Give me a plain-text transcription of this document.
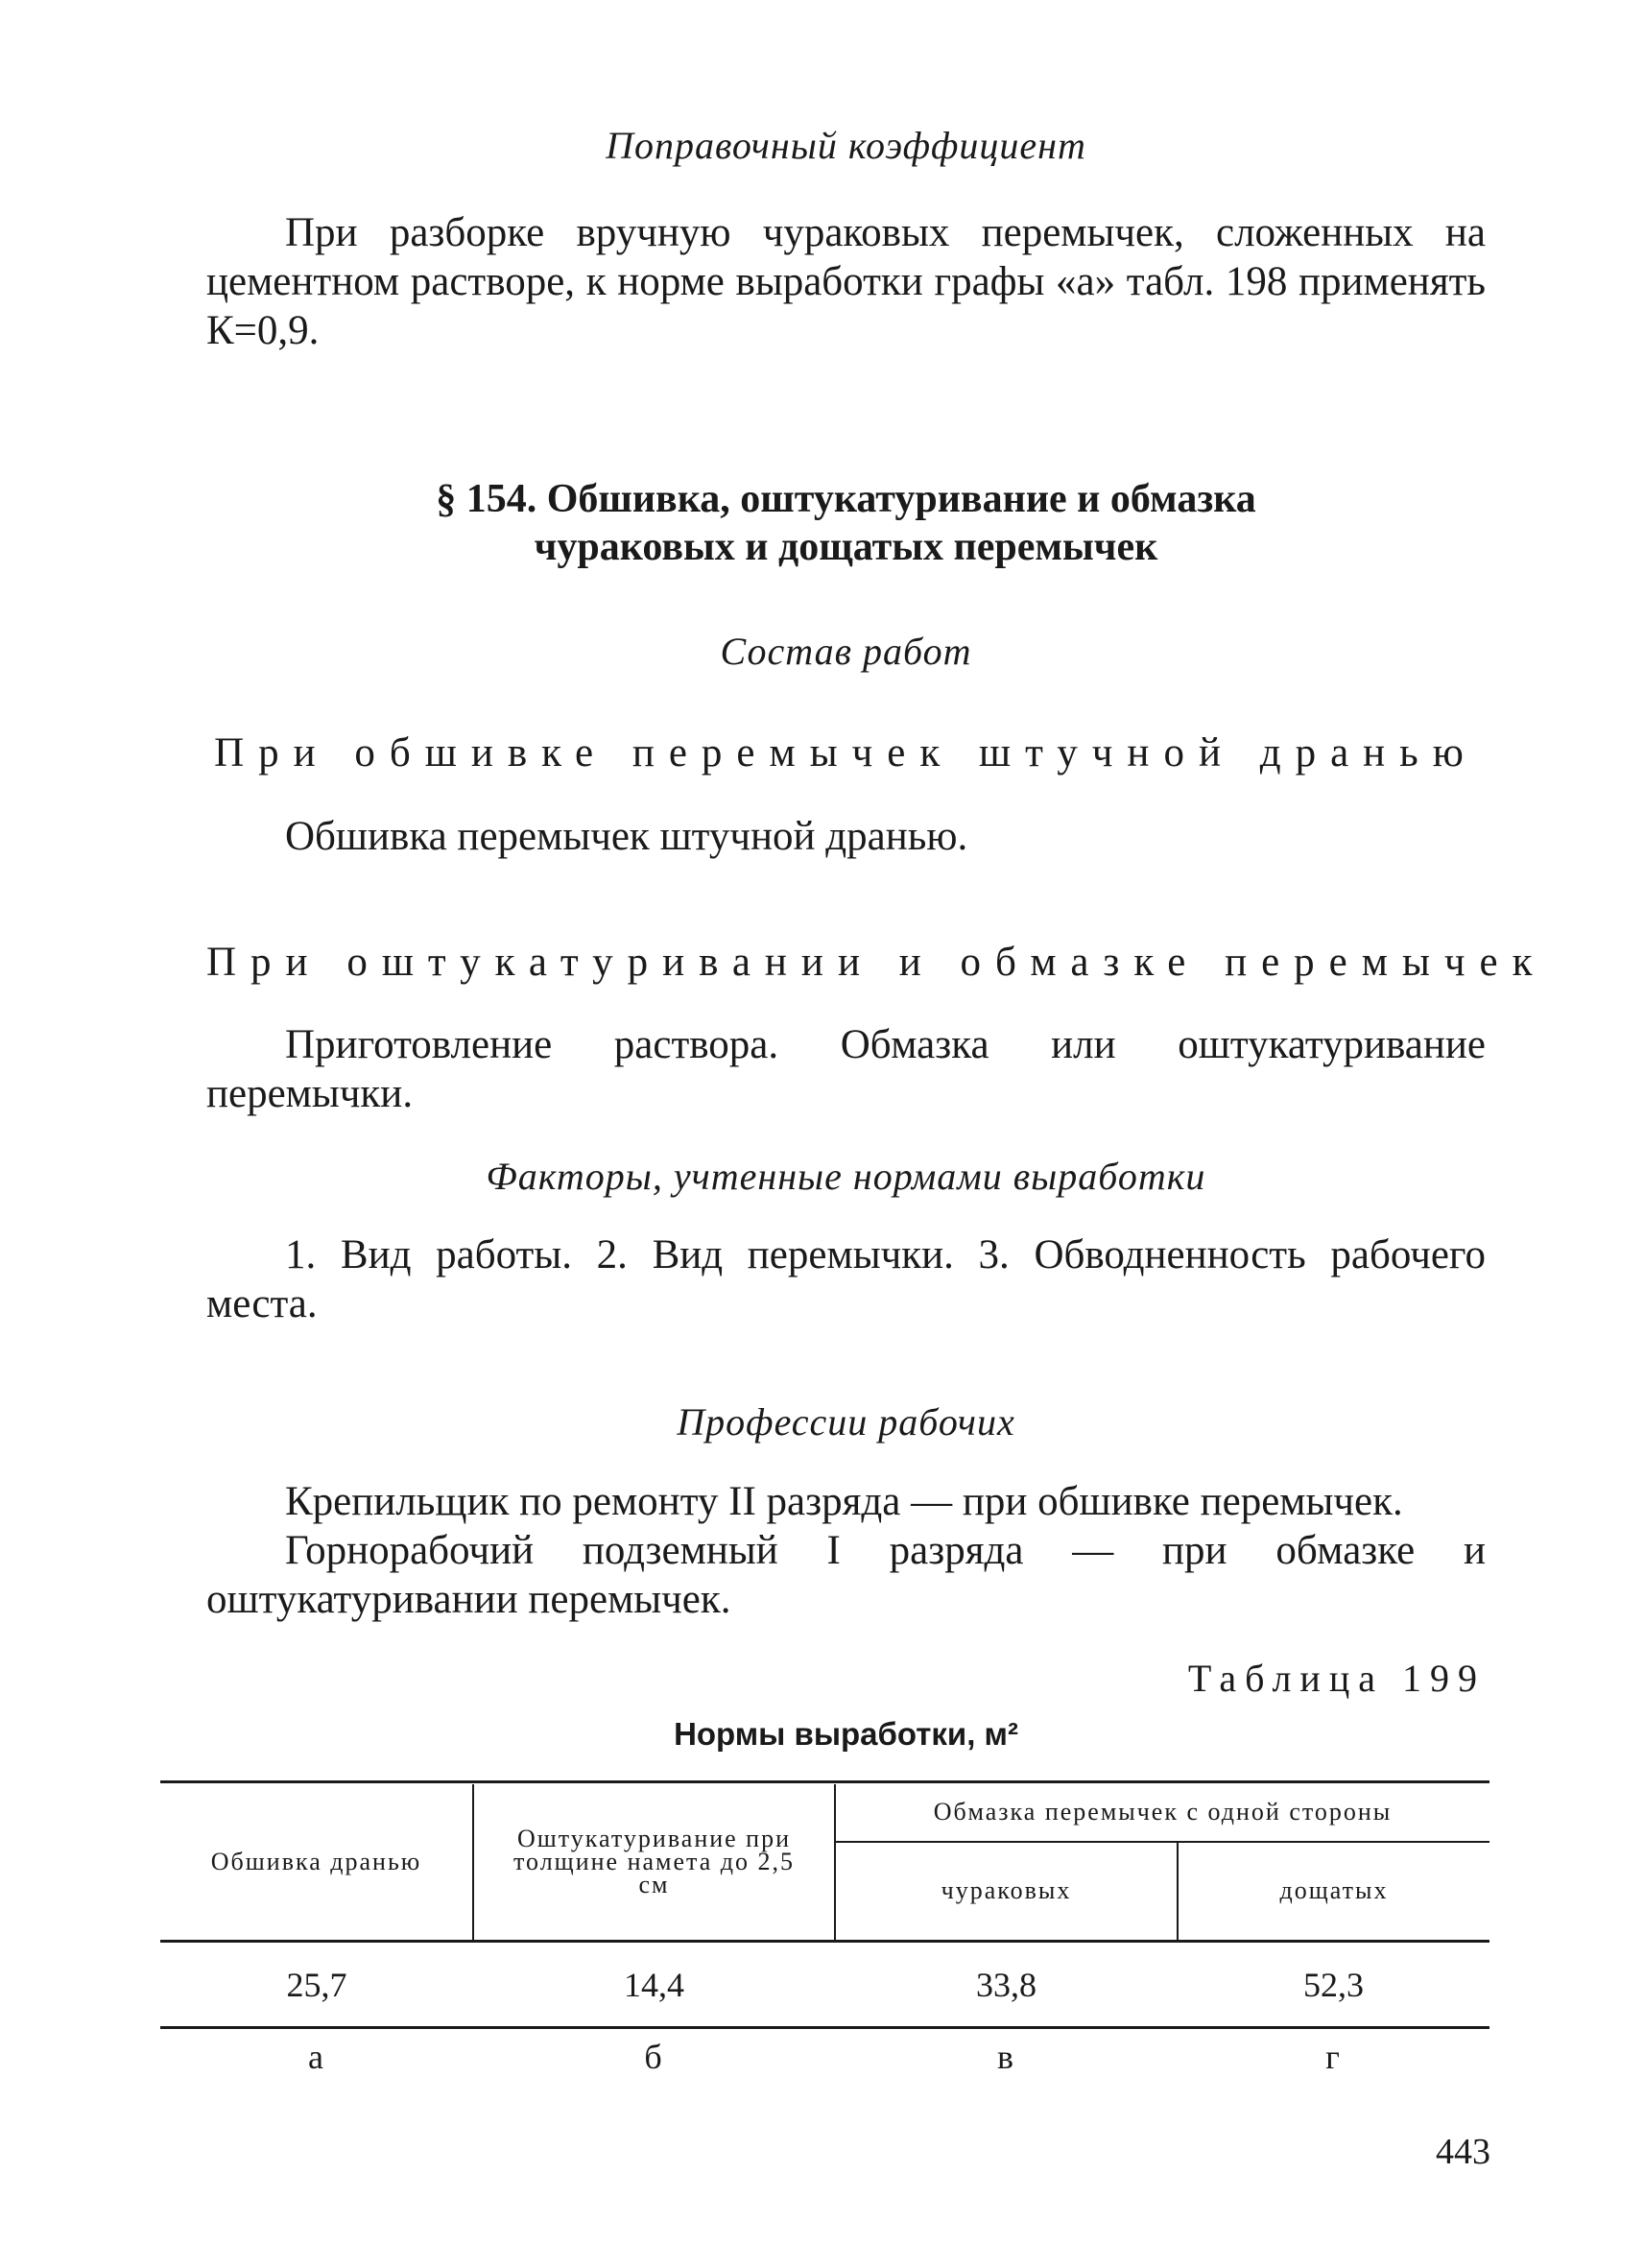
Поправочный коэффициент
При разборке вручную чураковых перемычек, сложенных на цементном растворе, к норме выработки графы «а» табл. 198 применять К=0,9.
§ 154. Обшивка, оштукатуривание и обмазка
чураковых и дощатых перемычек
Состав работ
При обшивке перемычек штучной дранью
Обшивка перемычек штучной дранью.
При оштукатуривании и обмазке перемычек
Приготовление раствора. Обмазка или оштукатуривание перемычки.
Факторы, учтенные нормами выработки
1. Вид работы. 2. Вид перемычки. 3. Обводненность рабочего места.
Профессии рабочих
Крепильщик по ремонту II разряда — при обшивке перемычек.
Горнорабочий подземный I разряда — при обмазке и оштукатуривании перемычек.
Таблица 199
Нормы выработки, м²

Обшивка дранью	Оштукатуривание при толщине намета до 2,5 см	Обмазка перемычек с одной стороны	
		чураковых	дощатых
25,7	14,4	33,8	52,3
а	б	в	г
443
